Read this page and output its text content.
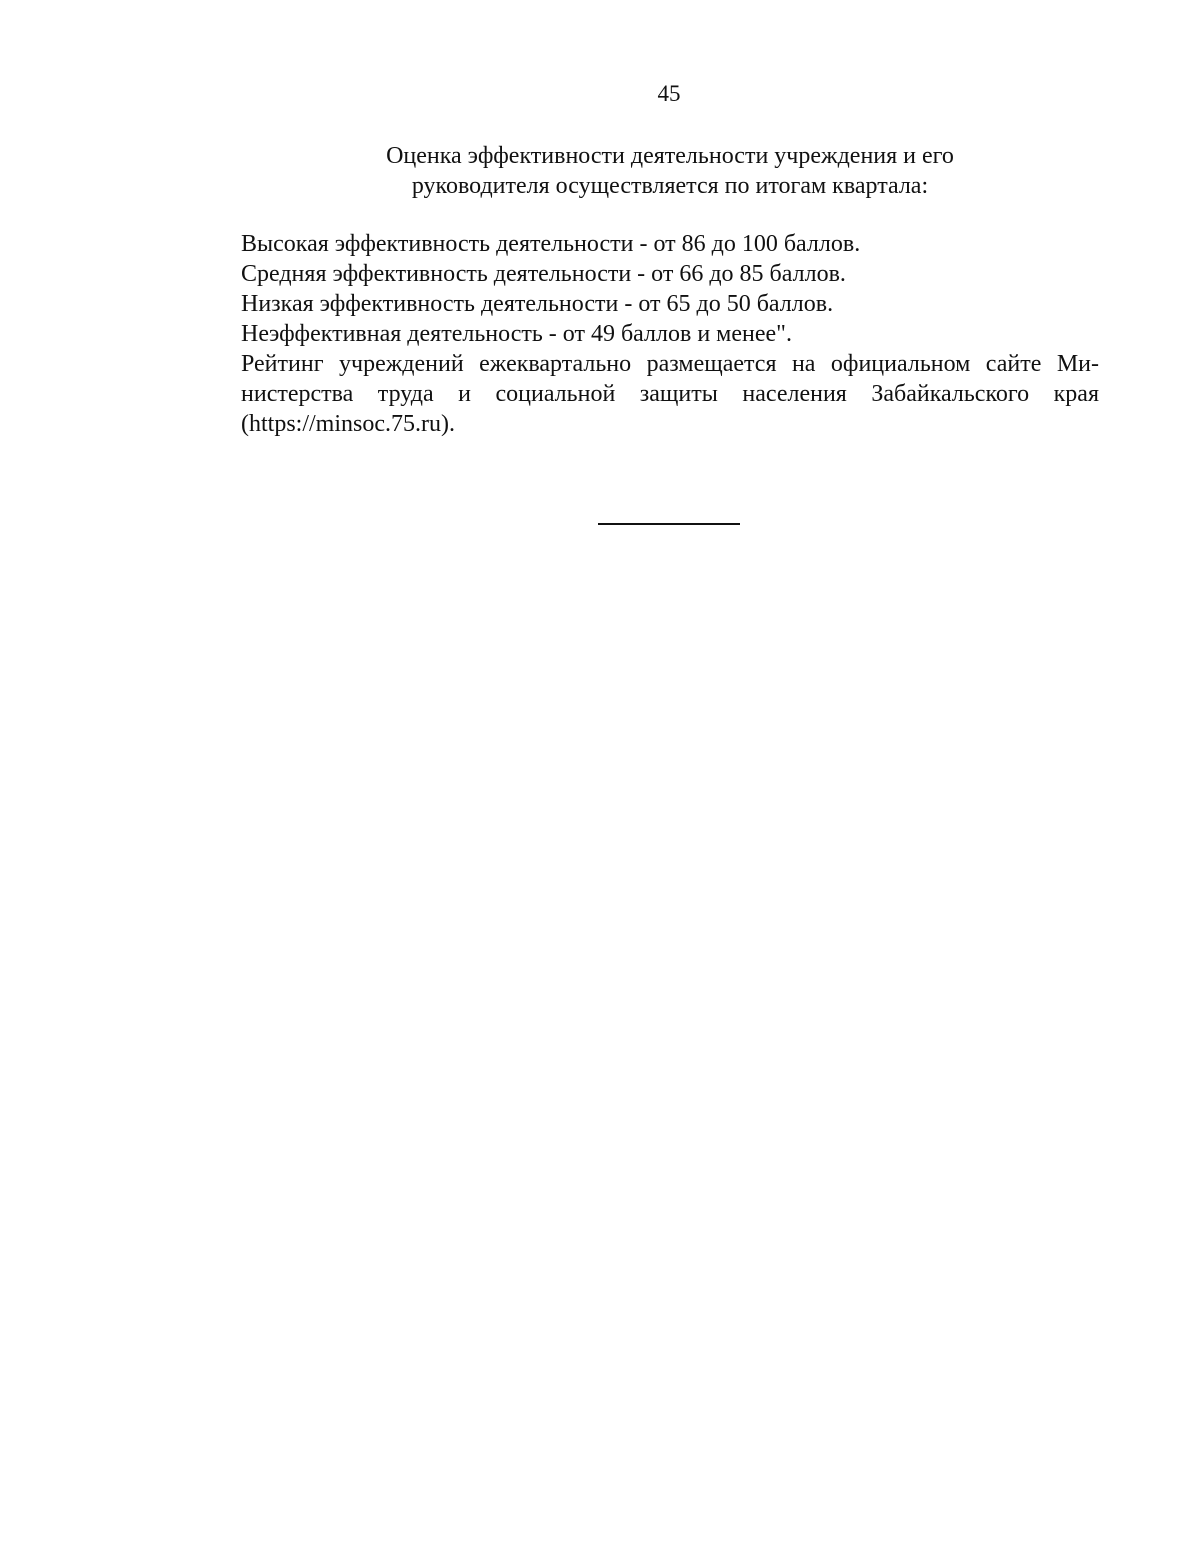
45
Оценка эффективности деятельности учреждения и его
руководителя осуществляется по итогам квартала:
Высокая эффективность деятельности - от 86 до 100 баллов.
Средняя эффективность деятельности - от 66 до 85 баллов.
Низкая эффективность деятельности - от 65 до 50 баллов.
Неэффективная деятельность - от 49 баллов и менее".
Рейтинг учреждений ежеквартально размещается на официальном сайте Ми-
нистерства труда и социальной защиты населения Забайкальского края
(https://minsoc.75.ru).
